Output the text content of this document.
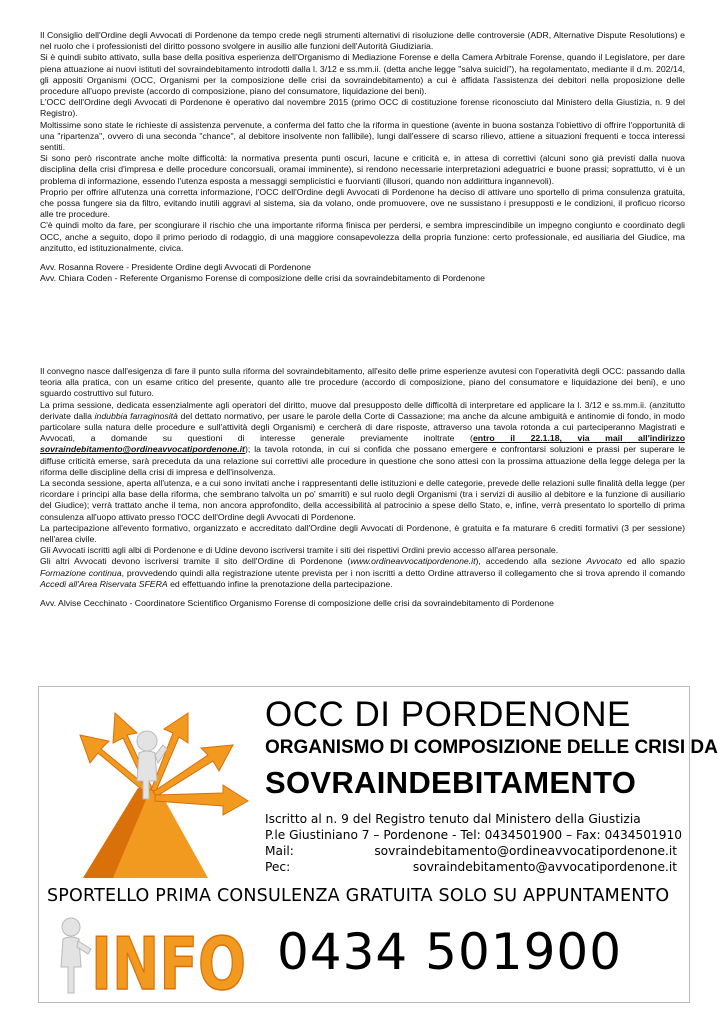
Il Consiglio dell'Ordine degli Avvocati di Pordenone da tempo crede negli strumenti alternativi di risoluzione delle controversie (ADR, Alternative Dispute Resolutions) e nel ruolo che i professionisti del diritto possono svolgere in ausilio alle funzioni dell'Autorità Giudiziaria.

Si è quindi subito attivato, sulla base della positiva esperienza dell'Organismo di Mediazione Forense e della Camera Arbitrale Forense, quando il Legislatore, per dare piena attuazione ai nuovi istituti del sovraindebitamento introdotti dalla l. 3/12 e ss.mm.ii. (detta anche legge "salva suicidi"), ha regolamentato, mediante il d.m. 202/14, gli appositi Organismi (OCC, Organismi per la composizione delle crisi da sovraindebitamento) a cui è affidata l'assistenza dei debitori nella proposizione delle procedure all'uopo previste (accordo di composizione, piano del consumatore, liquidazione dei beni).

L'OCC dell'Ordine degli Avvocati di Pordenone è operativo dal novembre 2015 (primo OCC di costituzione forense riconosciuto dal Ministero della Giustizia, n. 9 del Registro).

Moltissime sono state le richieste di assistenza pervenute, a conferma del fatto che la riforma in questione (avente in buona sostanza l'obiettivo di offrire l'opportunità di una "ripartenza", ovvero di una seconda "chance", al debitore insolvente non fallibile), lungi dall'essere di scarso rilievo, attiene a situazioni frequenti e tocca interessi sentiti.

Si sono però riscontrate anche molte difficoltà: la normativa presenta punti oscuri, lacune e criticità e, in attesa di correttivi (alcuni sono già previsti dalla nuova disciplina della crisi d'impresa e delle procedure concorsuali, oramai imminente), si rendono necessarie interpretazioni adeguatrici e buone prassi; soprattutto, vi è un problema di informazione, essendo l'utenza esposta a messaggi semplicistici e fuorvianti (illusori, quando non addirittura ingannevoli).

Proprio per offrire all'utenza una corretta informazione, l'OCC dell'Ordine degli Avvocati di Pordenone ha deciso di attivare uno sportello di prima consulenza gratuita, che possa fungere sia da filtro, evitando inutili aggravi al sistema, sia da volano, onde promuovere, ove ne sussistano i presupposti e le condizioni, il proficuo ricorso alle tre procedure.

C'è quindi molto da fare, per scongiurare il rischio che una importante riforma finisca per perdersi, e sembra imprescindibile un impegno congiunto e coordinato degli OCC, anche a seguito, dopo il primo periodo di rodaggio, di una maggiore consapevolezza della propria funzione: certo professionale, ed ausiliaria del Giudice, ma anzitutto, ed istituzionalmente, civica.

Avv. Rosanna Rovere - Presidente Ordine degli Avvocati di Pordenone

Avv. Chiara Coden - Referente Organismo Forense di composizione delle crisi da sovraindebitamento di Pordenone

Il convegno nasce dall'esigenza di fare il punto sulla riforma del sovraindebitamento, all'esito delle prime esperienze avutesi con l'operatività degli OCC: passando dalla teoria alla pratica, con un esame critico del presente, quanto alle tre procedure (accordo di composizione, piano del consumatore e liquidazione dei beni), e uno sguardo costruttivo sul futuro.

La prima sessione, dedicata essenzialmente agli operatori del diritto, muove dal presupposto delle difficoltà di interpretare ed applicare la l. 3/12 e ss.mm.ii. (anzitutto derivate dalla indubbia farraginosità del dettato normativo, per usare le parole della Corte di Cassazione; ma anche da alcune ambiguità e antinomie di fondo, in modo particolare sulla natura delle procedure e sull'attività degli Organismi) e cercherà di dare risposte, attraverso una tavola rotonda a cui parteciperanno Magistrati e Avvocati, a domande su questioni di interesse generale previamente inoltrate (entro il 22.1.18, via mail all'indirizzo sovraindebitamento@ordineavvocatipordenone.it); la tavola rotonda, in cui si confida che possano emergere e confrontarsi soluzioni e prassi per superare le diffuse criticità emerse, sarà preceduta da una relazione sui correttivi alle procedure in questione che sono attesi con la prossima attuazione della legge delega per la riforma delle discipline della crisi di impresa e dell'insolvenza.

La seconda sessione, aperta all'utenza, e a cui sono invitati anche i rappresentanti delle istituzioni e delle categorie, prevede delle relazioni sulle finalità della legge (per ricordare i principi alla base della riforma, che sembrano talvolta un po' smarriti) e sul ruolo degli Organismi (tra i servizi di ausilio al debitore e la funzione di ausiliario del Giudice); verrà trattato anche il tema, non ancora approfondito, della accessibilità al patrocinio a spese dello Stato, e, infine, verrà presentato lo sportello di prima consulenza all'uopo attivato presso l'OCC dell'Ordine degli Avvocati di Pordenone.

La partecipazione all'evento formativo, organizzato e accreditato dall'Ordine degli Avvocati di Pordenone, è gratuita e fa maturare 6 crediti formativi (3 per sessione) nell'area civile.

Gli Avvocati iscritti agli albi di Pordenone e di Udine devono iscriversi tramite i siti dei rispettivi Ordini previo accesso all'area personale.

Gli altri Avvocati devono iscriversi tramite il sito dell'Ordine di Pordenone (www.ordineavvocatipordenone.it), accedendo alla sezione Avvocato ed allo spazio Formazione continua, provvedendo quindi alla registrazione utente prevista per i non iscritti a detto Ordine attraverso il collegamento che si trova aprendo il comando Accedi all'Area Riservata SFERA ed effettuando infine la prenotazione della partecipazione.

Avv. Alvise Cecchinato - Coordinatore Scientifico Organismo Forense di composizione delle crisi da sovraindebitamento di Pordenone

OCC DI PORDENONE
ORGANISMO DI COMPOSIZIONE DELLE CRISI DA
SOVRAINDEBITAMENTO
Iscritto al n. 9 del Registro tenuto dal Ministero della Giustizia
P.le Giustiniano 7 – Pordenone - Tel: 0434501900 – Fax: 0434501910
Mail:	sovraindebitamento@ordineavvocatipordenone.it
Pec:	sovraindebitamento@avvocatipordenone.it
SPORTELLO PRIMA CONSULENZA GRATUITA SOLO SU APPUNTAMENTO
INFO 0434 501900
